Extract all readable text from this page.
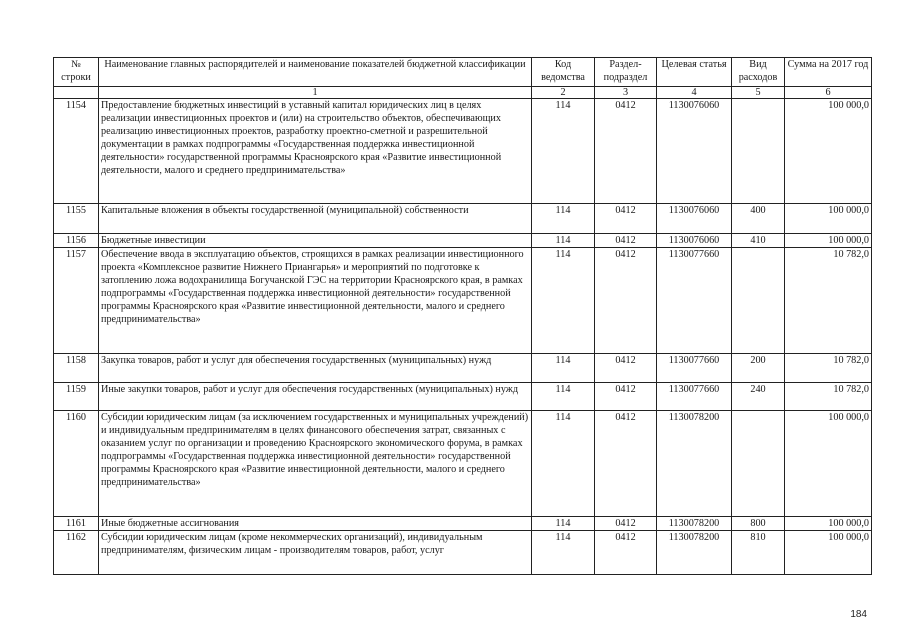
№ строки	Наименование главных распорядителей и наименование показателей бюджетной классификации	Код ведомства	Раздел-подраздел	Целевая статья	Вид расходов	Сумма на 2017 год
	1	2	3	4	5	6
1154	Предоставление бюджетных инвестиций в уставный капитал юридических лиц в целях реализации инвестиционных проектов и (или) на строительство объектов, обеспечивающих реализацию инвестиционных проектов, разработку проектно-сметной и разрешительной документации в рамках подпрограммы «Государственная поддержка инвестиционной деятельности» государственной программы Красноярского края «Развитие инвестиционной деятельности, малого и среднего предпринимательства»	114	0412	1130076060		100 000,0
1155	Капитальные вложения в объекты государственной (муниципальной) собственности	114	0412	1130076060	400	100 000,0
1156	Бюджетные инвестиции	114	0412	1130076060	410	100 000,0
1157	Обеспечение ввода в эксплуатацию объектов, строящихся в рамках реализации инвестиционного проекта «Комплексное развитие Нижнего Приангарья» и мероприятий по подготовке к затоплению ложа водохранилища Богучанской ГЭС на территории Красноярского края, в рамках подпрограммы «Государственная поддержка инвестиционной деятельности» государственной программы Красноярского края «Развитие инвестиционной деятельности, малого и среднего предпринимательства»	114	0412	1130077660		10 782,0
1158	Закупка товаров, работ и услуг для обеспечения государственных (муниципальных) нужд	114	0412	1130077660	200	10 782,0
1159	Иные закупки товаров, работ и услуг для обеспечения государственных (муниципальных) нужд	114	0412	1130077660	240	10 782,0
1160	Субсидии юридическим лицам (за исключением государственных и муниципальных учреждений) и индивидуальным предпринимателям в целях финансового обеспечения затрат, связанных с оказанием услуг по организации и проведению Красноярского экономического форума, в рамках подпрограммы «Государственная поддержка инвестиционной деятельности» государственной программы Красноярского края «Развитие инвестиционной деятельности, малого и среднего предпринимательства»	114	0412	1130078200		100 000,0
1161	Иные бюджетные ассигнования	114	0412	1130078200	800	100 000,0
1162	Субсидии юридическим лицам (кроме некоммерческих организаций), индивидуальным предпринимателям, физическим лицам - производителям товаров, работ, услуг	114	0412	1130078200	810	100 000,0
184
